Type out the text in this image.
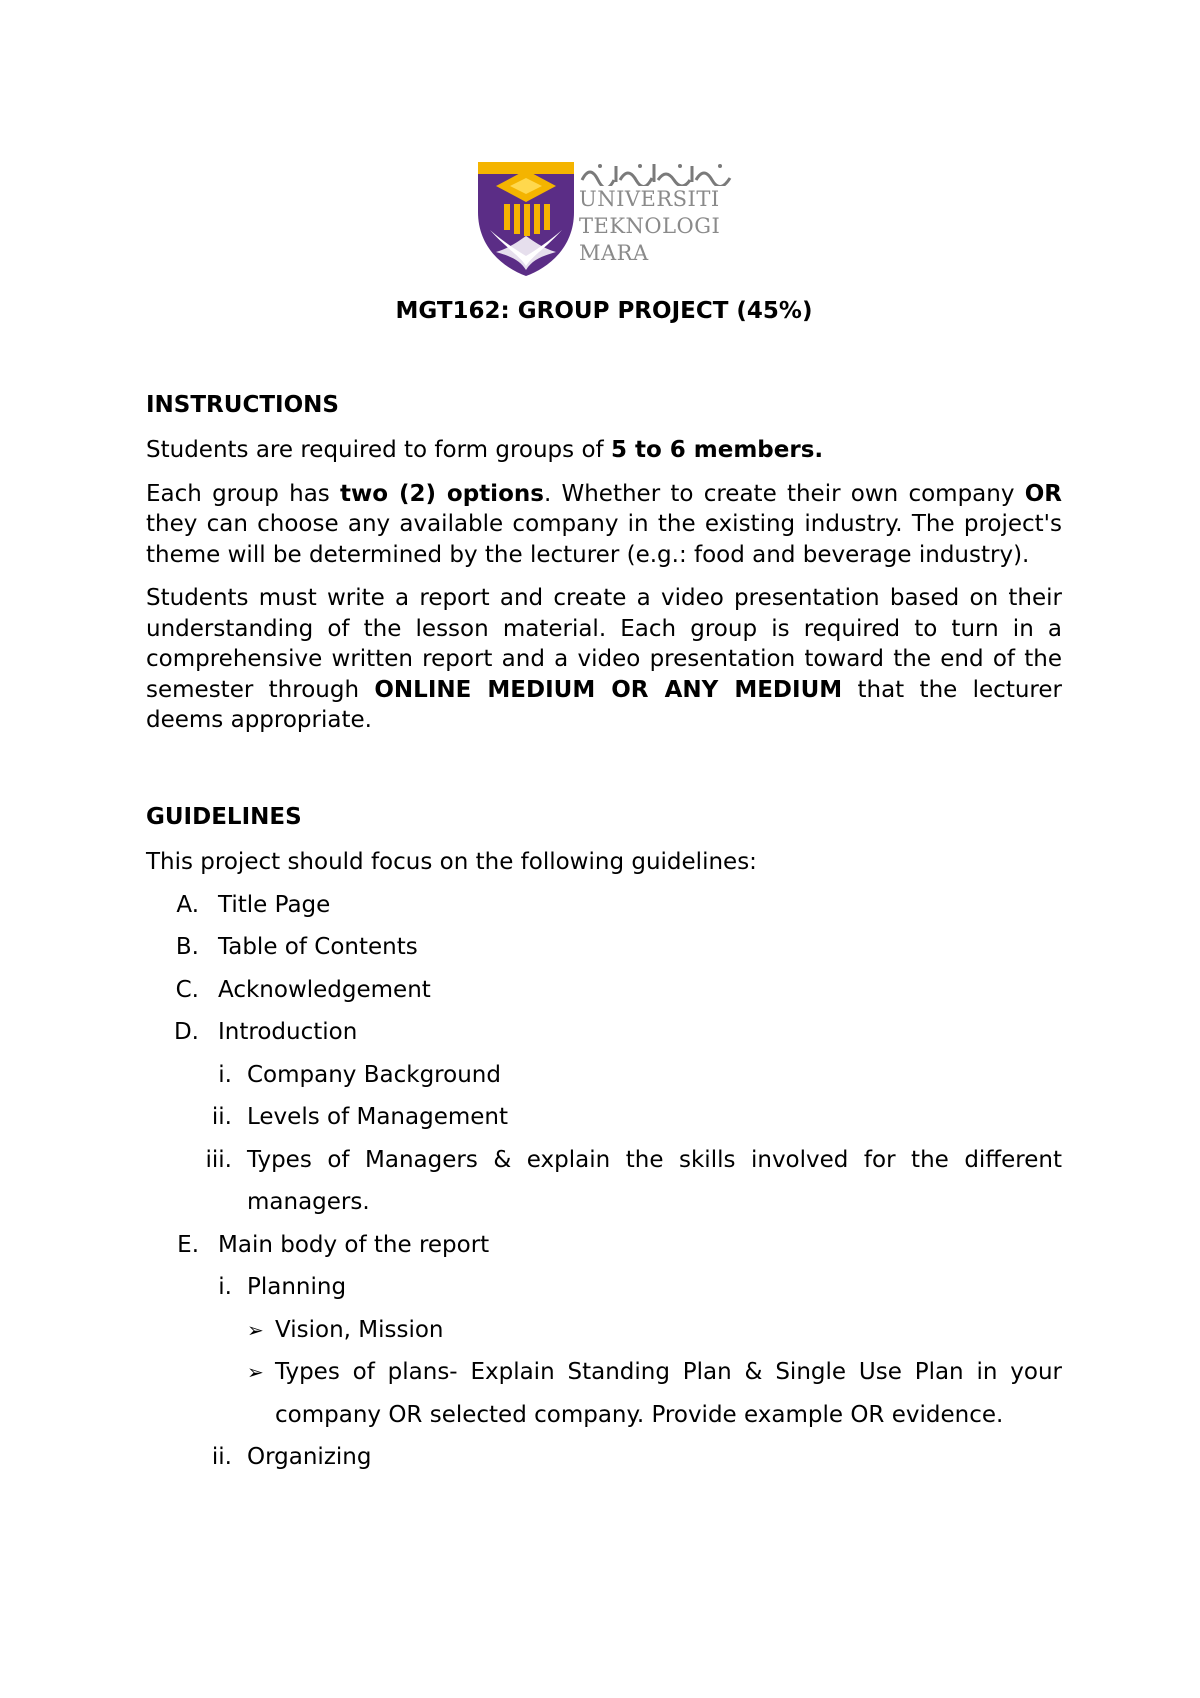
UNIVERSITI
TEKNOLOGI
MARA

MGT162: GROUP PROJECT (45%)

INSTRUCTIONS

Students are required to form groups of 5 to 6 members.

Each group has two (2) options. Whether to create their own company OR they can choose any available company in the existing industry. The project's theme will be determined by the lecturer (e.g.: food and beverage industry).

Students must write a report and create a video presentation based on their understanding of the lesson material. Each group is required to turn in a comprehensive written report and a video presentation toward the end of the semester through ONLINE MEDIUM OR ANY MEDIUM that the lecturer deems appropriate.

GUIDELINES

This project should focus on the following guidelines:

A. Title Page
B. Table of Contents
C. Acknowledgement
D. Introduction
i. Company Background
ii. Levels of Management
iii. Types of Managers & explain the skills involved for the different managers.
E. Main body of the report
i. Planning
➢ Vision, Mission
➢ Types of plans- Explain Standing Plan & Single Use Plan in your company OR selected company. Provide example OR evidence.
ii. Organizing
